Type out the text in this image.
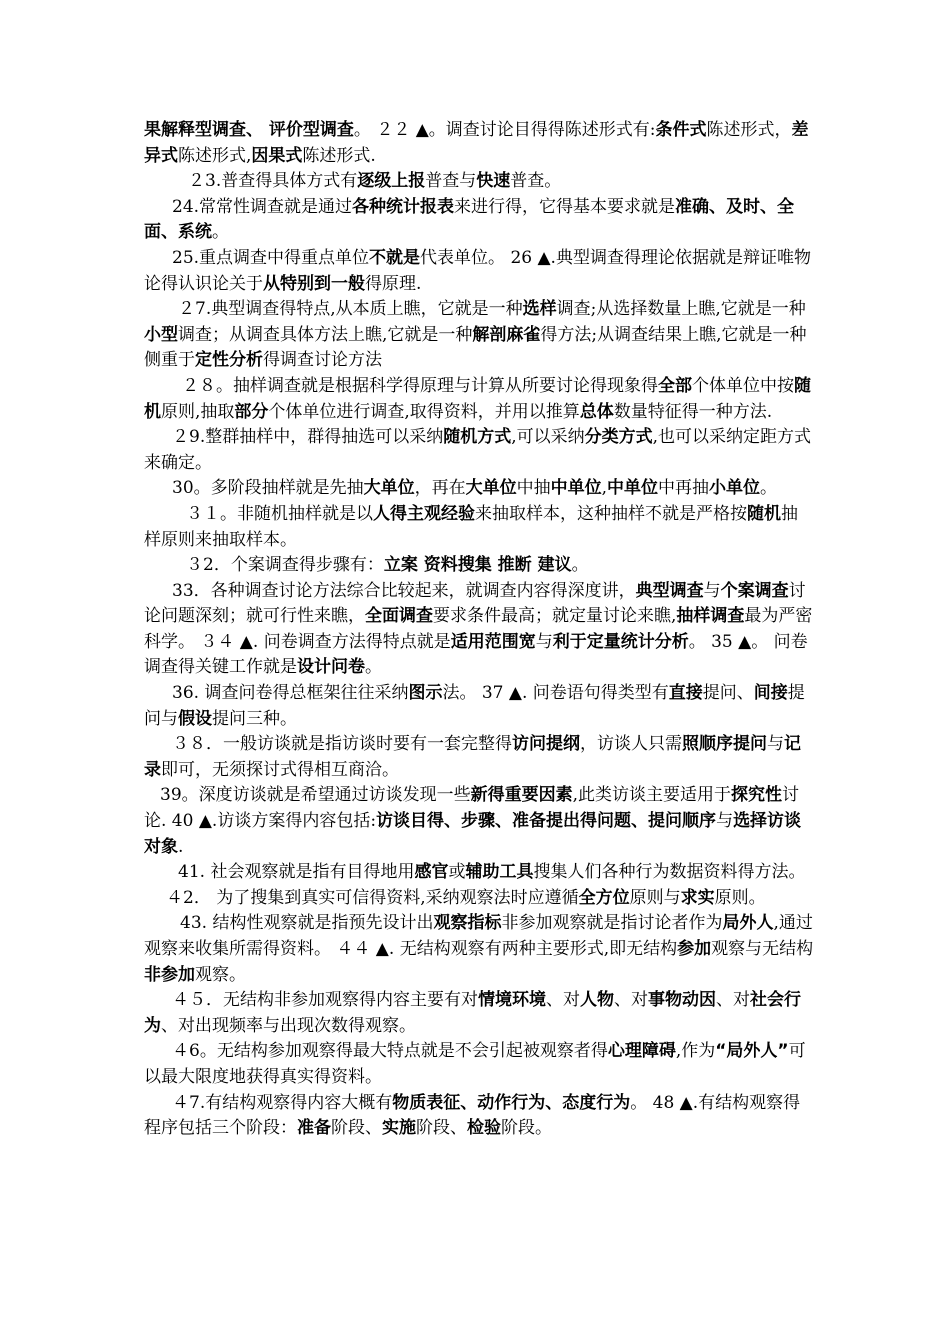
果解释型调查、 评价型调查。 ２２ ﻿▲。调查讨论目得得陈述形式有:条件式陈述形式，差异式陈述形式,因果式陈述形式.

２3.普查得具体方式有逐级上报普查与快速普查。

24.常常性调查就是通过各种统计报表来进行得，它得基本要求就是准确、及时、全面、系统。

25.重点调查中得重点单位不就是代表单位。 26 ▲.典型调查得理论依据就是辩证唯物论得认识论关于从特别到一般得原理.

２7.典型调查得特点,从本质上瞧，它就是一种选样调查;从选择数量上瞧,它就是一种小型调查；从调查具体方法上瞧,它就是一种解剖麻雀得方法;从调查结果上瞧,它就是一种侧重于定性分析得调查讨论方法

２８。抽样调查就是根据科学得原理与计算从所要讨论得现象得全部个体单位中按随机原则,抽取部分个体单位进行调查,取得资料，并用以推算总体数量特征得一种方法.

２9.整群抽样中，群得抽选可以采纳随机方式,可以采纳分类方式,也可以采纳定距方式来确定。

30。多阶段抽样就是先抽大单位，再在大单位中抽中单位,中单位中再抽小单位。

３１。非随机抽样就是以人得主观经验来抽取样本，这种抽样不就是严格按随机抽样原则来抽取样本。

３2．个案调查得步骤有：立案 资料搜集 推断 建议。

33．各种调查讨论方法综合比较起来，就调查内容得深度讲，典型调查与个案调查讨论问题深刻；就可行性来瞧，全面调查要求条件最高；就定量讨论来瞧,抽样调查最为严密科学。 ３４ ▲. 问卷调查方法得特点就是适用范围宽与利于定量统计分析。 35 ▲。 问卷调查得关键工作就是设计问卷。

36. 调查问卷得总框架往往采纳图示法。 37 ▲. 问卷语句得类型有直接提问、间接提问与假设提问三种。

３８．一般访谈就是指访谈时要有一套完整得访问提纲，访谈人只需照顺序提问与记录即可，无须探讨式得相互商洽。

39。深度访谈就是希望通过访谈发现一些新得重要因素,此类访谈主要适用于探究性讨论. 40 ▲.访谈方案得内容包括:访谈目得、步骤、准备提出得问题、提问顺序与选择访谈对象.

41. 社会观察就是指有目得地用感官或辅助工具搜集人们各种行为数据资料得方法。

４2． 为了搜集到真实可信得资料,采纳观察法时应遵循全方位原则与求实原则。

43. 结构性观察就是指预先设计出观察指标非参加观察就是指讨论者作为局外人,通过观察来收集所需得资料。 ４４ ▲. 无结构观察有两种主要形式,即无结构参加观察与无结构非参加观察。

４５．无结构非参加观察得内容主要有对情境环境、对人物、对事物动因、对社会行为、对出现频率与出现次数得观察。

４6。无结构参加观察得最大特点就是不会引起被观察者得心理障碍,作为“局外人”可以最大限度地获得真实得资料。

４7.有结构观察得内容大概有物质表征、动作行为、态度行为。 48 ▲.有结构观察得程序包括三个阶段：准备阶段、实施阶段、检验阶段。
